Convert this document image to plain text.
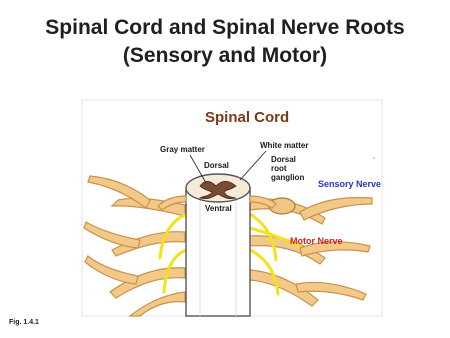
Spinal Cord and Spinal Nerve Roots
(Sensory and Motor)
Spinal Cord
Gray matter	White matter
Dorsal
Dorsal
root
ganglion
Ventral
Sensory Nerve
Motor Nerve
Fig. 1.4.1
